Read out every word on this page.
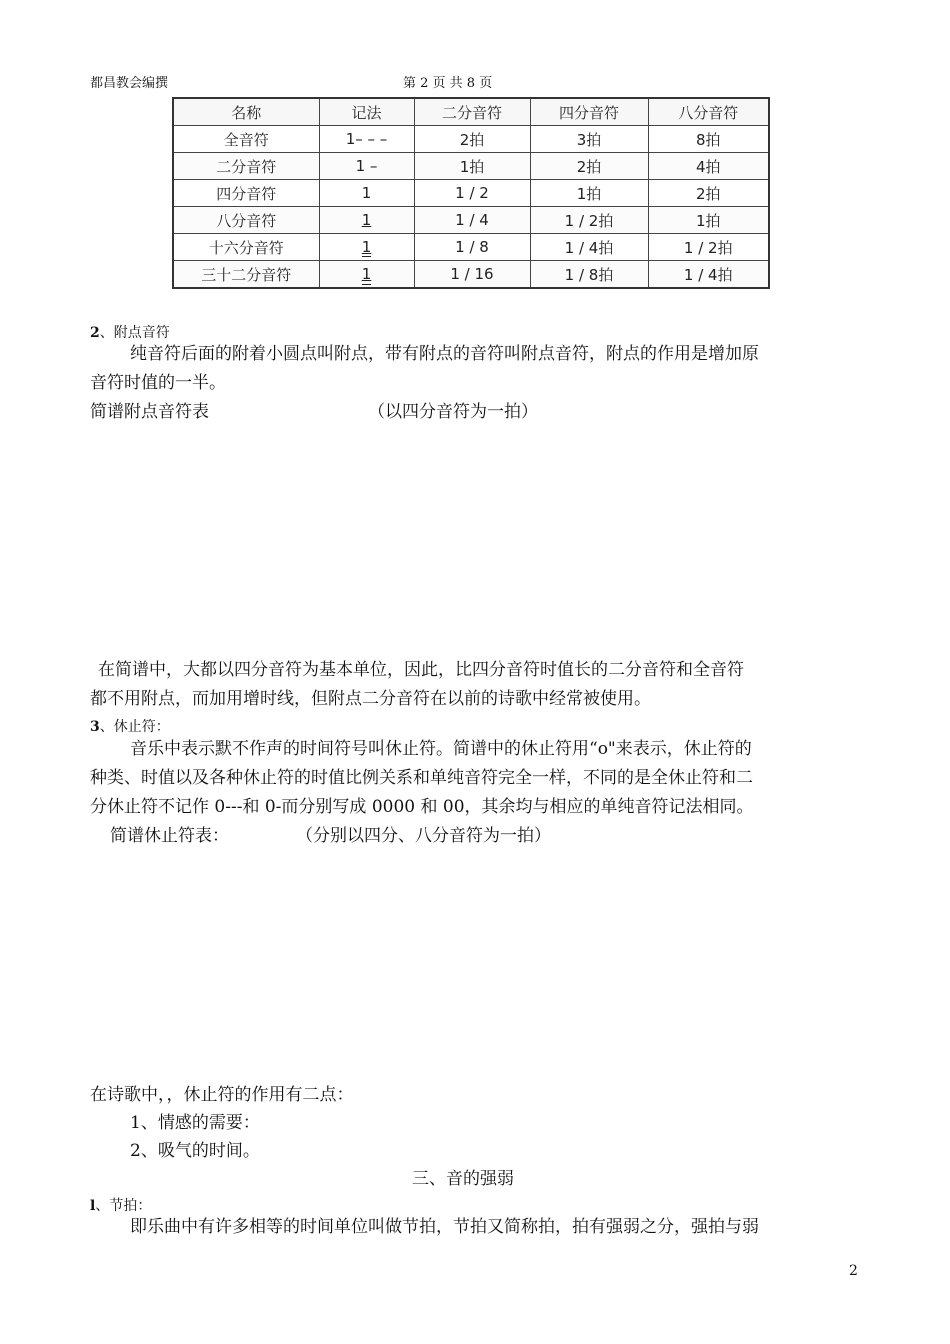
都昌教会编撰	第 2 页 共 8 页
名称	记法	二分音符	四分音符	八分音符
全音符	1– – –	2拍	3拍	8拍
二分音符	1 –	1拍	2拍	4拍
四分音符	1	1 / 2	1拍	2拍
八分音符	1	1 / 4	1 / 2拍	1拍
十六分音符	1	1 / 8	1 / 4拍	1 / 2拍
三十二分音符	1	1 / 16	1 / 8拍	1 / 4拍
2、附点音符
纯音符后面的附着小圆点叫附点，带有附点的音符叫附点音符，附点的作用是增加原
音符时值的一半。
简谱附点音符表	（以四分音符为一拍）
在简谱中，大都以四分音符为基本单位，因此，比四分音符时值长的二分音符和全音符
都不用附点，而加用增时线，但附点二分音符在以前的诗歌中经常被使用。
3、休止符：
音乐中表示默不作声的时间符号叫休止符。简谱中的休止符用“o"来表示，休止符的
种类、时值以及各种休止符的时值比例关系和单纯音符完全一样，不同的是全休止符和二
分休止符不记作 0---和 0-而分别写成 0000 和 00，其余均与相应的单纯音符记法相同。
简谱休止符表：	（分别以四分、八分音符为一拍）
在诗歌中，，休止符的作用有二点：
1、情感的需要：
2、吸气的时间。
三、音的强弱
l、节拍：
即乐曲中有许多相等的时间单位叫做节拍，节拍又简称拍，拍有强弱之分，强拍与弱
2
